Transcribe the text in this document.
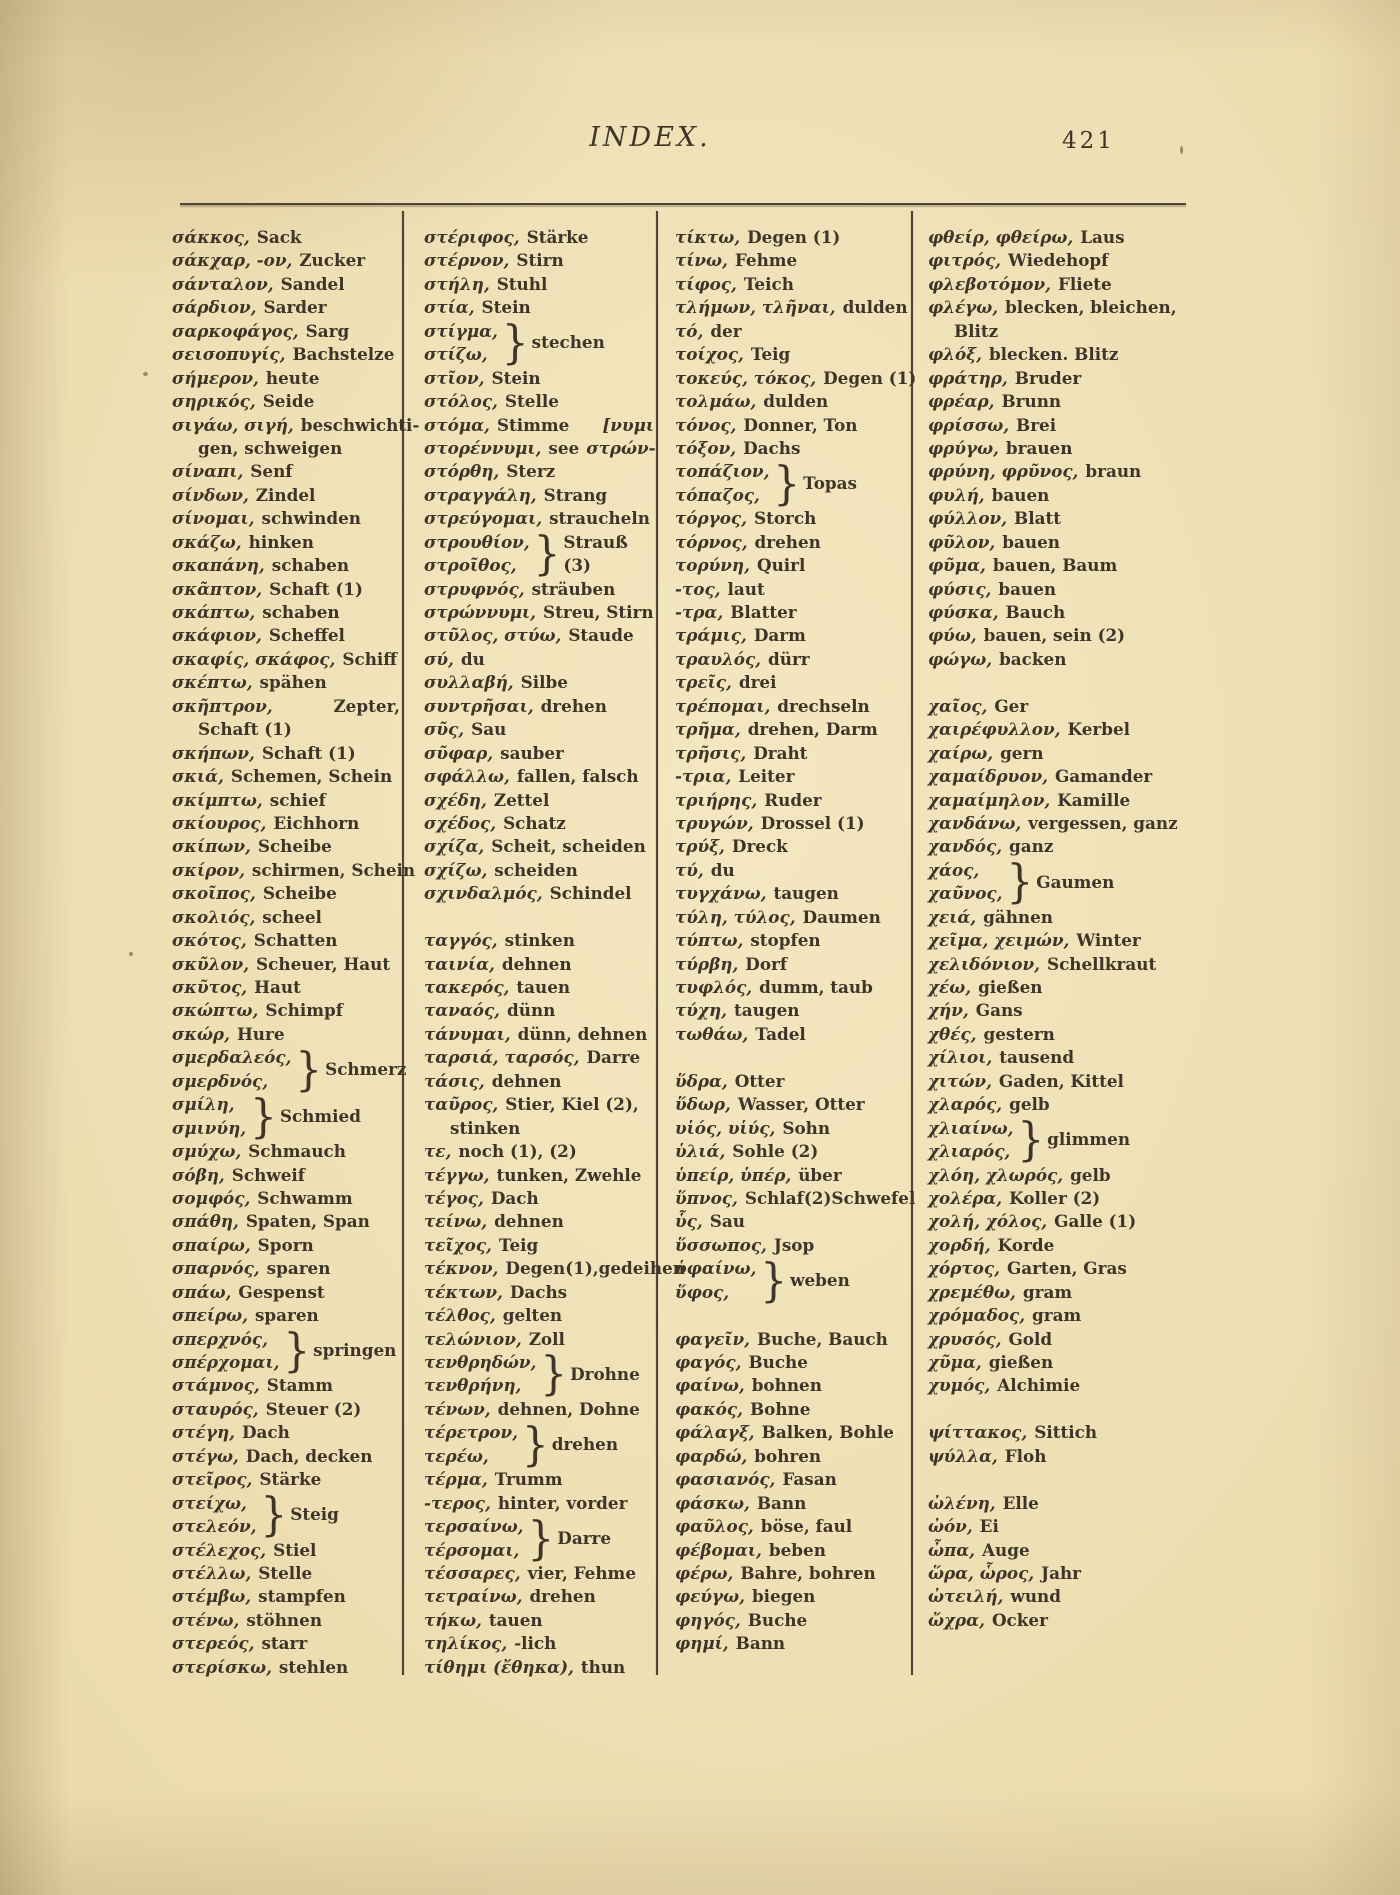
INDEX.	421
σάκκος, Sack
σάκχαρ, -ον, Zucker
σάνταλον, Sandel
σάρδιον, Sarder
σαρκοφάγος, Sarg
σεισοπυγίς, Bachstelze
σήμερον, heute
σηρικός, Seide
σιγάω, σιγή, beschwichti-
gen, schweigen
σίναπι, Senf
σίνδων, Zindel
σίνομαι, schwinden
σκάζω, hinken
σκαπάνη, schaben
σκᾶπτον, Schaft (1)
σκάπτω, schaben
σκάφιον, Scheffel
σκαφίς, σκάφος, Schiff
σκέπτω, spähen
σκῆπτρον,	Zepter,
Schaft (1)
σκήπων, Schaft (1)
σκιά, Schemen, Schein
σκίμπτω, schief
σκίουρος, Eichhorn
σκίπων, Scheibe
σκίρον, schirmen, Schein
σκοῖπος, Scheibe
σκολιός, scheel
σκότος, Schatten
σκῦλον, Scheuer, Haut
σκῦτος, Haut
σκώπτω, Schimpf
σκώρ, Hure
σμερδαλεός,
σμερδνός, } Schmerz
σμίλη,
σμινύη, } Schmied
σμύχω, Schmauch
σόβη, Schweif
σομφός, Schwamm
σπάθη, Spaten, Span
σπαίρω, Sporn
σπαρνός, sparen
σπάω, Gespenst
σπείρω, sparen
σπερχνός,
σπέρχομαι, } springen
στάμνος, Stamm
σταυρός, Steuer (2)
στέγη, Dach
στέγω, Dach, decken
στεῖρος, Stärke
στείχω,
στελεόν, } Steig
στέλεχος, Stiel
στέλλω, Stelle
στέμβω, stampfen
στένω, stöhnen
στερεός, starr
στερίσκω, stehlen
στέριφος, Stärke
στέρνον, Stirn
στήλη, Stuhl
στία, Stein
στίγμα,
στίζω, } stechen
στῖον, Stein
στόλος, Stelle
στόμα, Stimme [νυμι
στορέννυμι, see στρών-
στόρθη, Sterz
στραγγάλη, Strang
στρεύγομαι, straucheln
στρουθίον,
στροῖθος, } Strauß (3)
στρυφνός, sträuben
στρώννυμι, Streu, Stirn
στῦλος, στύω, Staude
σύ, du
συλλαβή, Silbe
συντρῆσαι, drehen
σῦς, Sau
σῦφαρ, sauber
σφάλλω, fallen, falsch
σχέδη, Zettel
σχέδος, Schatz
σχίζα, Scheit, scheiden
σχίζω, scheiden
σχινδαλμός, Schindel
ταγγός, stinken
ταινία, dehnen
τακερός, tauen
ταναός, dünn
τάνυμαι, dünn, dehnen
ταρσιά, ταρσός, Darre
τάσις, dehnen
ταῦρος, Stier, Kiel (2),
stinken
τε, noch (1), (2)
τέγγω, tunken, Zwehle
τέγος, Dach
τείνω, dehnen
τεῖχος, Teig
τέκνον, Degen(1),gedeihen
τέκτων, Dachs
τέλθος, gelten
τελώνιον, Zoll
τενθρηδών,
τενθρήνη, } Drohne
τένων, dehnen, Dohne
τέρετρον,
τερέω, } drehen
τέρμα, Trumm
-τερος, hinter, vorder
τερσαίνω,
τέρσομαι, } Darre
τέσσαρες, vier, Fehme
τετραίνω, drehen
τήκω, tauen
τηλίκος, -lich
τίθημι (ἔθηκα), thun
τίκτω, Degen (1)
τίνω, Fehme
τίφος, Teich
τλήμων, τλῆναι, dulden
τό, der
τοίχος, Teig
τοκεύς, τόκος, Degen (1)
τολμάω, dulden
τόνος, Donner, Ton
τόξον, Dachs
τοπάζιον,
τόπαζος, } Topas
τόργος, Storch
τόρνος, drehen
τορύνη, Quirl
-τος, laut
-τρα, Blatter
τράμις, Darm
τραυλός, dürr
τρεῖς, drei
τρέπομαι, drechseln
τρῆμα, drehen, Darm
τρῆσις, Draht
-τρια, Leiter
τριήρης, Ruder
τρυγών, Drossel (1)
τρύξ, Dreck
τύ, du
τυγχάνω, taugen
τύλη, τύλος, Daumen
τύπτω, stopfen
τύρβη, Dorf
τυφλός, dumm, taub
τύχη, taugen
τωθάω, Tadel
ὕδρα, Otter
ὕδωρ, Wasser, Otter
υἱός, υἱύς, Sohn
ὑλιά, Sohle (2)
ὑπείρ, ὑπέρ, über
ὕπνος, Schlaf(2)Schwefel
ὗς, Sau
ὕσσωπος, Jsop
ὑφαίνω,
ὕφος, } weben
φαγεῖν, Buche, Bauch
φαγός, Buche
φαίνω, bohnen
φακός, Bohne
φάλαγξ, Balken, Bohle
φαρδώ, bohren
φασιανός, Fasan
φάσκω, Bann
φαῦλος, böse, faul
φέβομαι, beben
φέρω, Bahre, bohren
φεύγω, biegen
φηγός, Buche
φημί, Bann
φθείρ, φθείρω, Laus
φιτρός, Wiedehopf
φλεβοτόμον, Fliete
φλέγω, blecken, bleichen,
Blitz
φλόξ, blecken. Blitz
φράτηρ, Bruder
φρέαρ, Brunn
φρίσσω, Brei
φρύγω, brauen
φρύνη, φρῦνος, braun
φυλή, bauen
φύλλον, Blatt
φῦλον, bauen
φῦμα, bauen, Baum
φύσις, bauen
φύσκα, Bauch
φύω, bauen, sein (2)
φώγω, backen
χαῖος, Ger
χαιρέφυλλον, Kerbel
χαίρω, gern
χαμαίδρυον, Gamander
χαμαίμηλον, Kamille
χανδάνω, vergessen, ganz
χανδός, ganz
χάος,
χαῦνος, } Gaumen
χειά, gähnen
χεῖμα, χειμών, Winter
χελιδόνιον, Schellkraut
χέω, gießen
χήν, Gans
χθές, gestern
χίλιοι, tausend
χιτών, Gaden, Kittel
χλαρός, gelb
χλιαίνω,
χλιαρός, } glimmen
χλόη, χλωρός, gelb
χολέρα, Koller (2)
χολή, χόλος, Galle (1)
χορδή, Korde
χόρτος, Garten, Gras
χρεμέθω, gram
χρόμαδος, gram
χρυσός, Gold
χῦμα, gießen
χυμός, Alchimie
ψίττακος, Sittich
ψύλλα, Floh
ὠλένη, Elle
ὠόν, Ei
ὦπα, Auge
ὥρα, ὧρος, Jahr
ὠτειλή, wund
ὤχρα, Ocker
